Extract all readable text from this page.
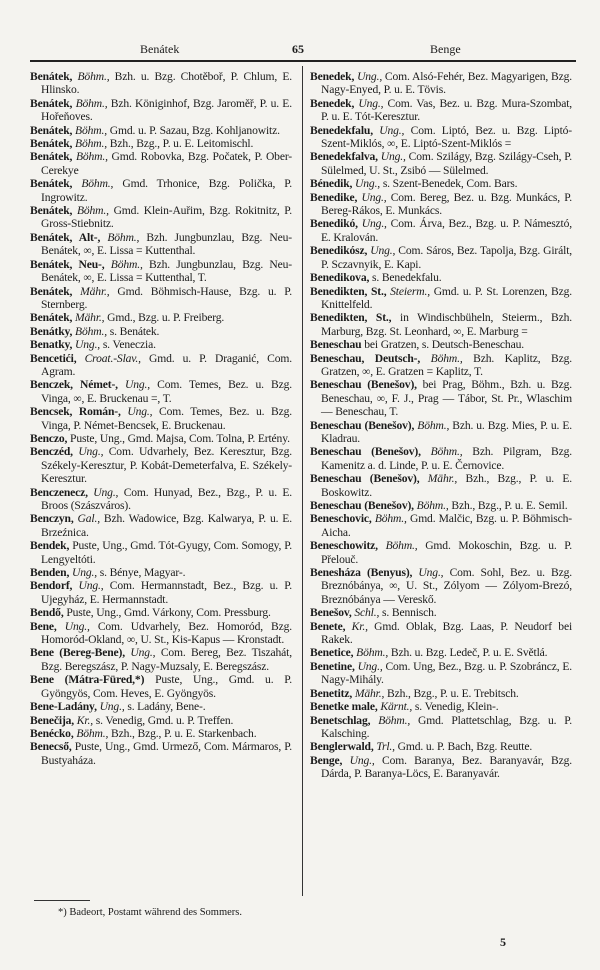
Benátek	65	Benge

Benátek, Böhm., Bzh. u. Bzg. Chotěboř, P. Chlum, E. Hlinsko.

Benátek, Böhm., Bzh. Königinhof, Bzg. Jaroměř, P. u. E. Hořeňoves.

Benátek, Böhm., Gmd. u. P. Sazau, Bzg. Kohljanowitz.

Benátek, Böhm., Bzh., Bzg., P. u. E. Leitomischl.

Benátek, Böhm., Gmd. Robovka, Bzg. Počatek, P. Ober-Cerekye

Benátek, Böhm., Gmd. Trhonice, Bzg. Polička, P. Ingrowitz.

Benátek, Böhm., Gmd. Klein-Auřim, Bzg. Rokitnitz, P. Gross-Stiebnitz.

Benátek, Alt-, Böhm., Bzh. Jungbunzlau, Bzg. Neu-Benátek, ∞, E. Lissa = Kuttenthal.

Benátek, Neu-, Böhm., Bzh. Jungbunzlau, Bzg. Neu-Benátek, ∞, E. Lissa = Kuttenthal, T.

Benátek, Mähr., Gmd. Böhmisch-Hause, Bzg. u. P. Sternberg.

Benátek, Mähr., Gmd., Bzg. u. P. Freiberg.

Benátky, Böhm., s. Benátek.

Benatky, Ung., s. Veneczia.

Bencetići, Croat.-Slav., Gmd. u. P. Draganić, Com. Agram.

Benczek, Német-, Ung., Com. Temes, Bez. u. Bzg. Vinga, ∞, E. Bruckenau =, T.

Bencsek, Román-, Ung., Com. Temes, Bez. u. Bzg. Vinga, P. Német-Bencsek, E. Bruckenau.

Benczo, Puste, Ung., Gmd. Majsa, Com. Tolna, P. Ertény.

Benczéd, Ung., Com. Udvarhely, Bez. Keresztur, Bzg. Székely-Keresztur, P. Kobát-Demeterfalva, E. Székely-Keresztur.

Benczenecz, Ung., Com. Hunyad, Bez., Bzg., P. u. E. Broos (Szászváros).

Benczyn, Gal., Bzh. Wadowice, Bzg. Kalwarya, P. u. E. Brzeźnica.

Bendek, Puste, Ung., Gmd. Tót-Gyugy, Com. Somogy, P. Lengyeltóti.

Benden, Ung., s. Bénye, Magyar-.

Bendorf, Ung., Com. Hermannstadt, Bez., Bzg. u. P. Ujegyház, E. Hermannstadt.

Bendő, Puste, Ung., Gmd. Várkony, Com. Pressburg.

Bene, Ung., Com. Udvarhely, Bez. Homoród, Bzg. Homoród-Okland, ∞, U. St., Kis-Kapus — Kronstadt.

Bene (Bereg-Bene), Ung., Com. Bereg, Bez. Tiszahát, Bzg. Beregszász, P. Nagy-Muzsaly, E. Beregszász.

Bene (Mátra-Füred,*) Puste, Ung., Gmd. u. P. Gyöngyös, Com. Heves, E. Gyöngyös.

Bene-Ladány, Ung., s. Ladány, Bene-.

Benečija, Kr., s. Venedig, Gmd. u. P. Treffen.

Benécko, Böhm., Bzh., Bzg., P. u. E. Starkenbach.

Benecső, Puste, Ung., Gmd. Urmező, Com. Mármaros, P. Bustyaháza.

Benedek, Ung., Com. Alsó-Fehér, Bez. Magyarigen, Bzg. Nagy-Enyed, P. u. E. Tövis.

Benedek, Ung., Com. Vas, Bez. u. Bzg. Mura-Szombat, P. u. E. Tót-Keresztur.

Benedekfalu, Ung., Com. Liptó, Bez. u. Bzg. Liptó-Szent-Miklós, ∞, E. Liptó-Szent-Miklós =

Benedekfalva, Ung., Com. Szilágy, Bzg. Szilágy-Cseh, P. Sülelmed, U. St., Zsibó — Sülelmed.

Bénedik, Ung., s. Szent-Benedek, Com. Bars.

Benedike, Ung., Com. Bereg, Bez. u. Bzg. Munkács, P. Bereg-Rákos, E. Munkács.

Benedikó, Ung., Com. Árva, Bez., Bzg. u. P. Námesztó, E. Kralován.

Benedikósz, Ung., Com. Sáros, Bez. Tapolja, Bzg. Girált, P. Sczavnyik, E. Kapi.

Benedikova, s. Benedekfalu.

Benedikten, St., Steierm., Gmd. u. P. St. Lorenzen, Bzg. Knittelfeld.

Benedikten, St., in Windischbüheln, Steierm., Bzh. Marburg, Bzg. St. Leonhard, ∞, E. Marburg =

Beneschau bei Gratzen, s. Deutsch-Beneschau.

Beneschau, Deutsch-, Böhm., Bzh. Kaplitz, Bzg. Gratzen, ∞, E. Gratzen = Kaplitz, T.

Beneschau (Benešov), bei Prag, Böhm., Bzh. u. Bzg. Beneschau, ∞, F. J., Prag — Tábor, St. Pr., Wlaschim — Beneschau, T.

Beneschau (Benešov), Böhm., Bzh. u. Bzg. Mies, P. u. E. Kladrau.

Beneschau (Benešov), Böhm., Bzh. Pilgram, Bzg. Kamenitz a. d. Linde, P. u. E. Černovice.

Beneschau (Benešov), Mähr., Bzh., Bzg., P. u. E. Boskowitz.

Beneschau (Benešov), Böhm., Bzh., Bzg., P. u. E. Semil.

Beneschovic, Böhm., Gmd. Malčic, Bzg. u. P. Böhmisch-Aicha.

Beneschowitz, Böhm., Gmd. Mokoschin, Bzg. u. P. Přelouč.

Benesháza (Benyus), Ung., Com. Sohl, Bez. u. Bzg. Breznóbánya, ∞, U. St., Zólyom — Zólyom-Brezó, Breznóbánya — Vereskő.

Benešov, Schl., s. Bennisch.

Benete, Kr., Gmd. Oblak, Bzg. Laas, P. Neudorf bei Rakek.

Benetice, Böhm., Bzh. u. Bzg. Ledeč, P. u. E. Světlá.

Benetine, Ung., Com. Ung, Bez., Bzg. u. P. Szobráncz, E. Nagy-Mihály.

Benetitz, Mähr., Bzh., Bzg., P. u. E. Trebitsch.

Benetke male, Kärnt., s. Venedig, Klein-.

Benetschlag, Böhm., Gmd. Plattetschlag, Bzg. u. P. Kalsching.

Benglerwald, Trl., Gmd. u. P. Bach, Bzg. Reutte.

Benge, Ung., Com. Baranya, Bez. Baranyavár, Bzg. Dárda, P. Baranya-Löcs, E. Baranyavár.

*) Badeort, Postamt während des Sommers.
5
